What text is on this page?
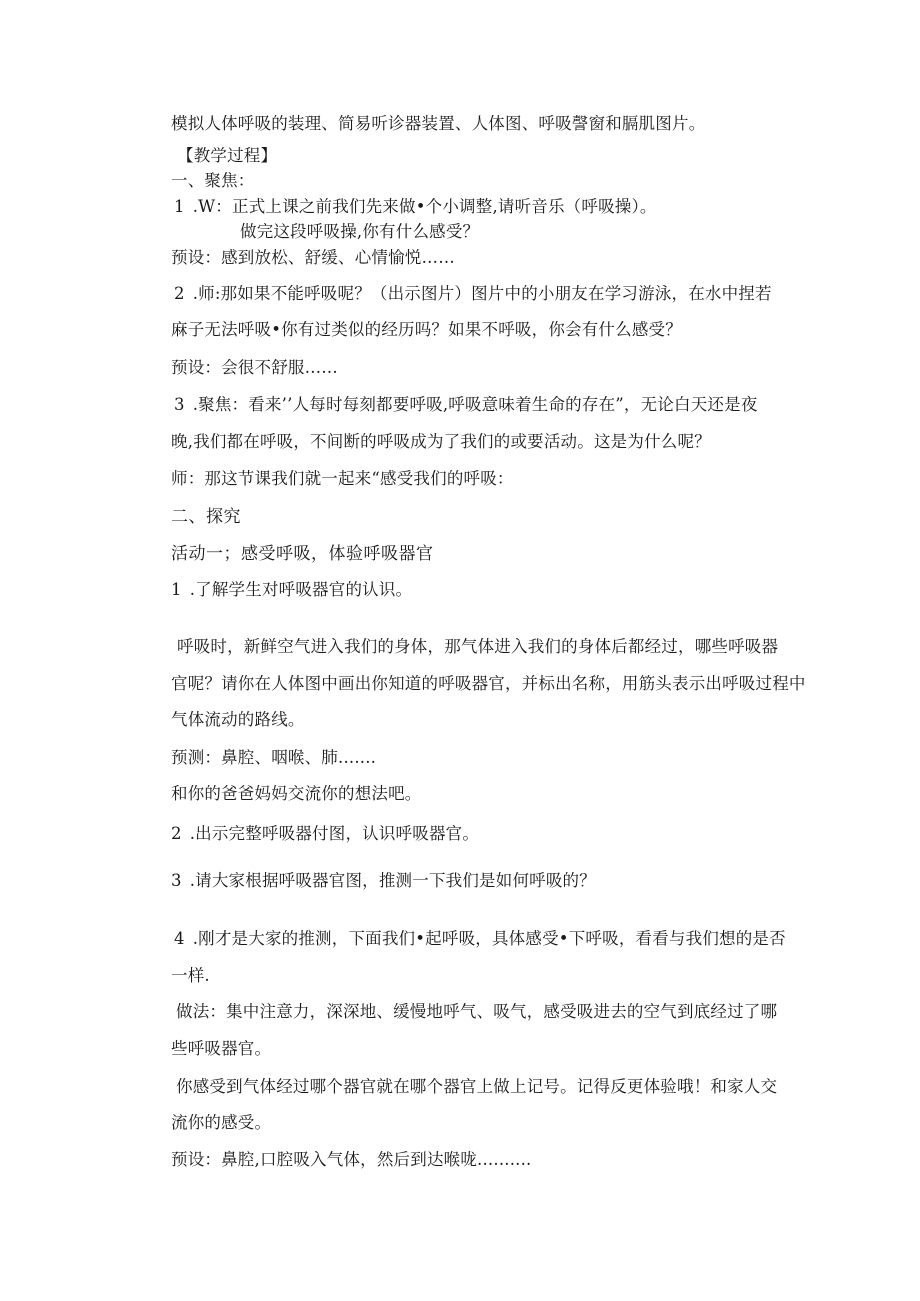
模拟人体呼吸的装理、简易听诊器装置、人体图、呼吸謦窗和膈肌图片。
【教学过程】
一、聚焦：
1 .W：正式上课之前我们先来做•个小调整,请听音乐（呼吸操）。
做完这段呼吸操,你有什么感受？
预设：感到放松、舒缓、心情愉悦……
2 .师:那如果不能呼吸呢？（出示图片）图片中的小朋友在学习游泳，在水中捏若
麻子无法呼吸•你有过类似的经历吗？如果不呼吸，你会有什么感受？
预设：会很不舒服……
3 .聚焦：看来’’人每时每刻都要呼吸,呼吸意味着生命的存在”，无论白天还是夜
晚,我们都在呼吸，不间断的呼吸成为了我们的或要活动。这是为什么呢？
师：那这节课我们就一起来“感受我们的呼吸：
二、探究
活动一；感受呼吸，体验呼吸器官
1 .了解学生对呼吸器官的认识。
呼吸时，新鲜空气进入我们的身体，那气体进入我们的身体后都经过，哪些呼吸器
官呢？请你在人体图中画出你知道的呼吸器官，并标出名称，用筋头表示出呼吸过程中
气体流动的路线。
预测：鼻腔、咽喉、肺.......
和你的爸爸妈妈交流你的想法吧。
2 .出示完整呼吸器付图，认识呼吸器官。
3 .请大家根据呼吸器官图，推测一下我们是如何呼吸的？
4 .刚才是大家的推测，下面我们•起呼吸，具体感受•下呼吸，看看与我们想的是否
一样.
做法：集中注意力，深深地、缓慢地呼气、吸气，感受吸进去的空气到底经过了哪
些呼吸器官。
你感受到气体经过哪个器官就在哪个器官上做上记号。记得反更体验哦！和家人交
流你的感受。
预设：鼻腔,口腔吸入气体，然后到达喉咙..........
